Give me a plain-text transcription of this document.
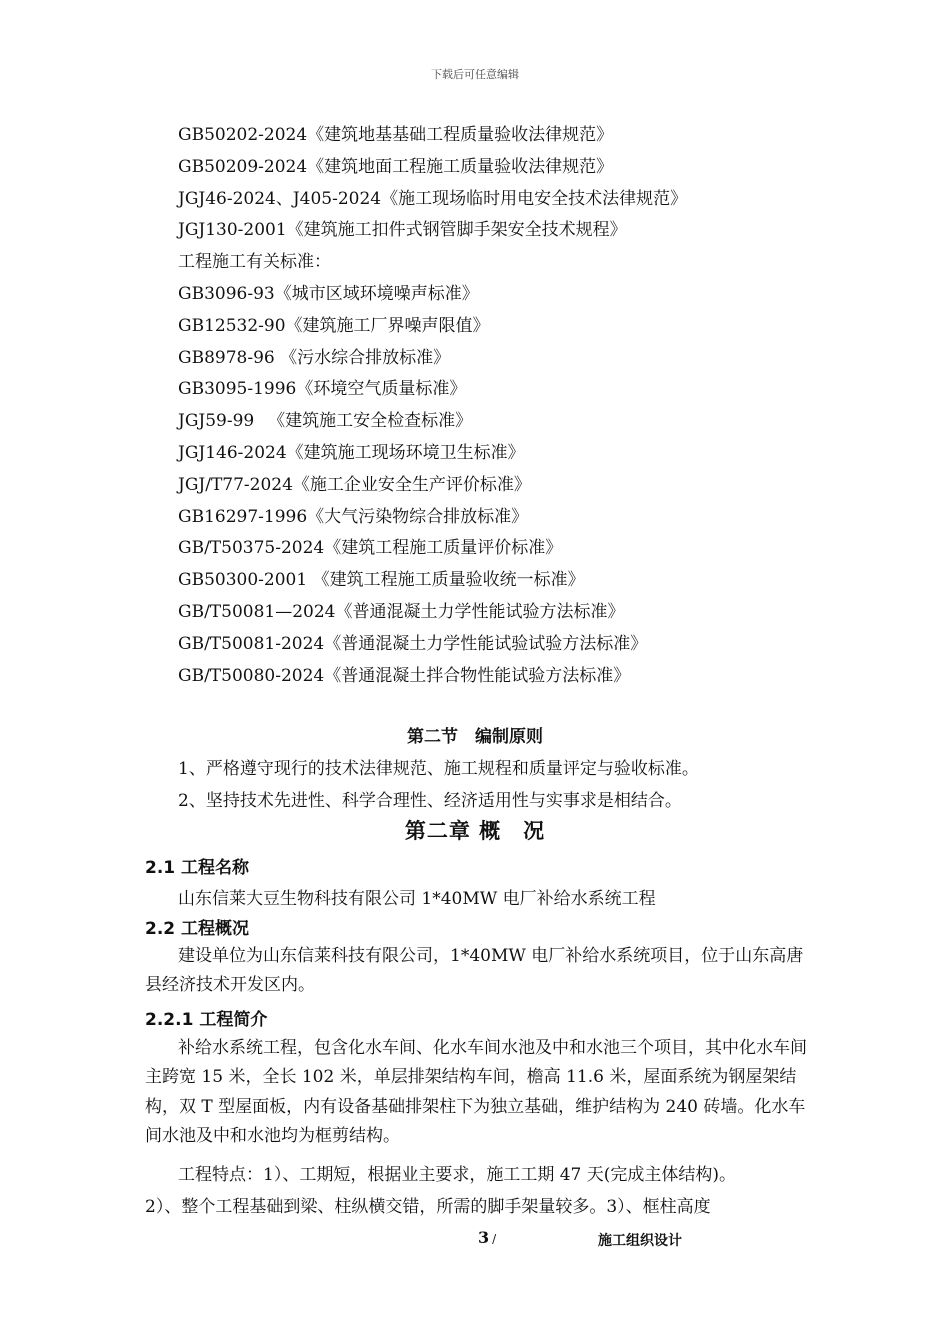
下载后可任意编辑
GB50202-2024《建筑地基基础工程质量验收法律规范》
GB50209-2024《建筑地面工程施工质量验收法律规范》
JGJ46-2024、J405-2024《施工现场临时用电安全技术法律规范》
JGJ130-2001《建筑施工扣件式钢管脚手架安全技术规程》
工程施工有关标准：
GB3096-93《城市区域环境噪声标准》
GB12532-90《建筑施工厂界噪声限值》
GB8978-96 《污水综合排放标准》
GB3095-1996《环境空气质量标准》
JGJ59-99 　《建筑施工安全检查标准》
JGJ146-2024《建筑施工现场环境卫生标准》
JGJ/T77-2024《施工企业安全生产评价标准》
GB16297-1996《大气污染物综合排放标准》
GB/T50375-2024《建筑工程施工质量评价标准》
GB50300-2001 《建筑工程施工质量验收统一标准》
GB/T50081—2024《普通混凝土力学性能试验方法标准》
GB/T50081-2024《普通混凝土力学性能试验试验方法标准》
GB/T50080-2024《普通混凝土拌合物性能试验方法标准》
第二节　编制原则
1、严格遵守现行的技术法律规范、施工规程和质量评定与验收标准。
2、坚持技术先进性、科学合理性、经济适用性与实事求是相结合。
第二章 概　况
2.1 工程名称
山东信莱大豆生物科技有限公司 1*40MW 电厂补给水系统工程
2.2 工程概况
建设单位为山东信莱科技有限公司，1*40MW 电厂补给水系统项目，位于山东高唐县经济技术开发区内。
2.2.1 工程简介
补给水系统工程，包含化水车间、化水车间水池及中和水池三个项目，其中化水车间主跨宽 15 米，全长 102 米，单层排架结构车间，檐高 11.6 米，屋面系统为钢屋架结构，双 T 型屋面板，内有设备基础排架柱下为独立基础，维护结构为 240 砖墙。化水车间水池及中和水池均为框剪结构。
工程特点：1）、工期短，根据业主要求，施工工期 47 天(完成主体结构)。
2）、整个工程基础到梁、柱纵横交错，所需的脚手架量较多。3）、框柱高度
3 /	施工组织设计
